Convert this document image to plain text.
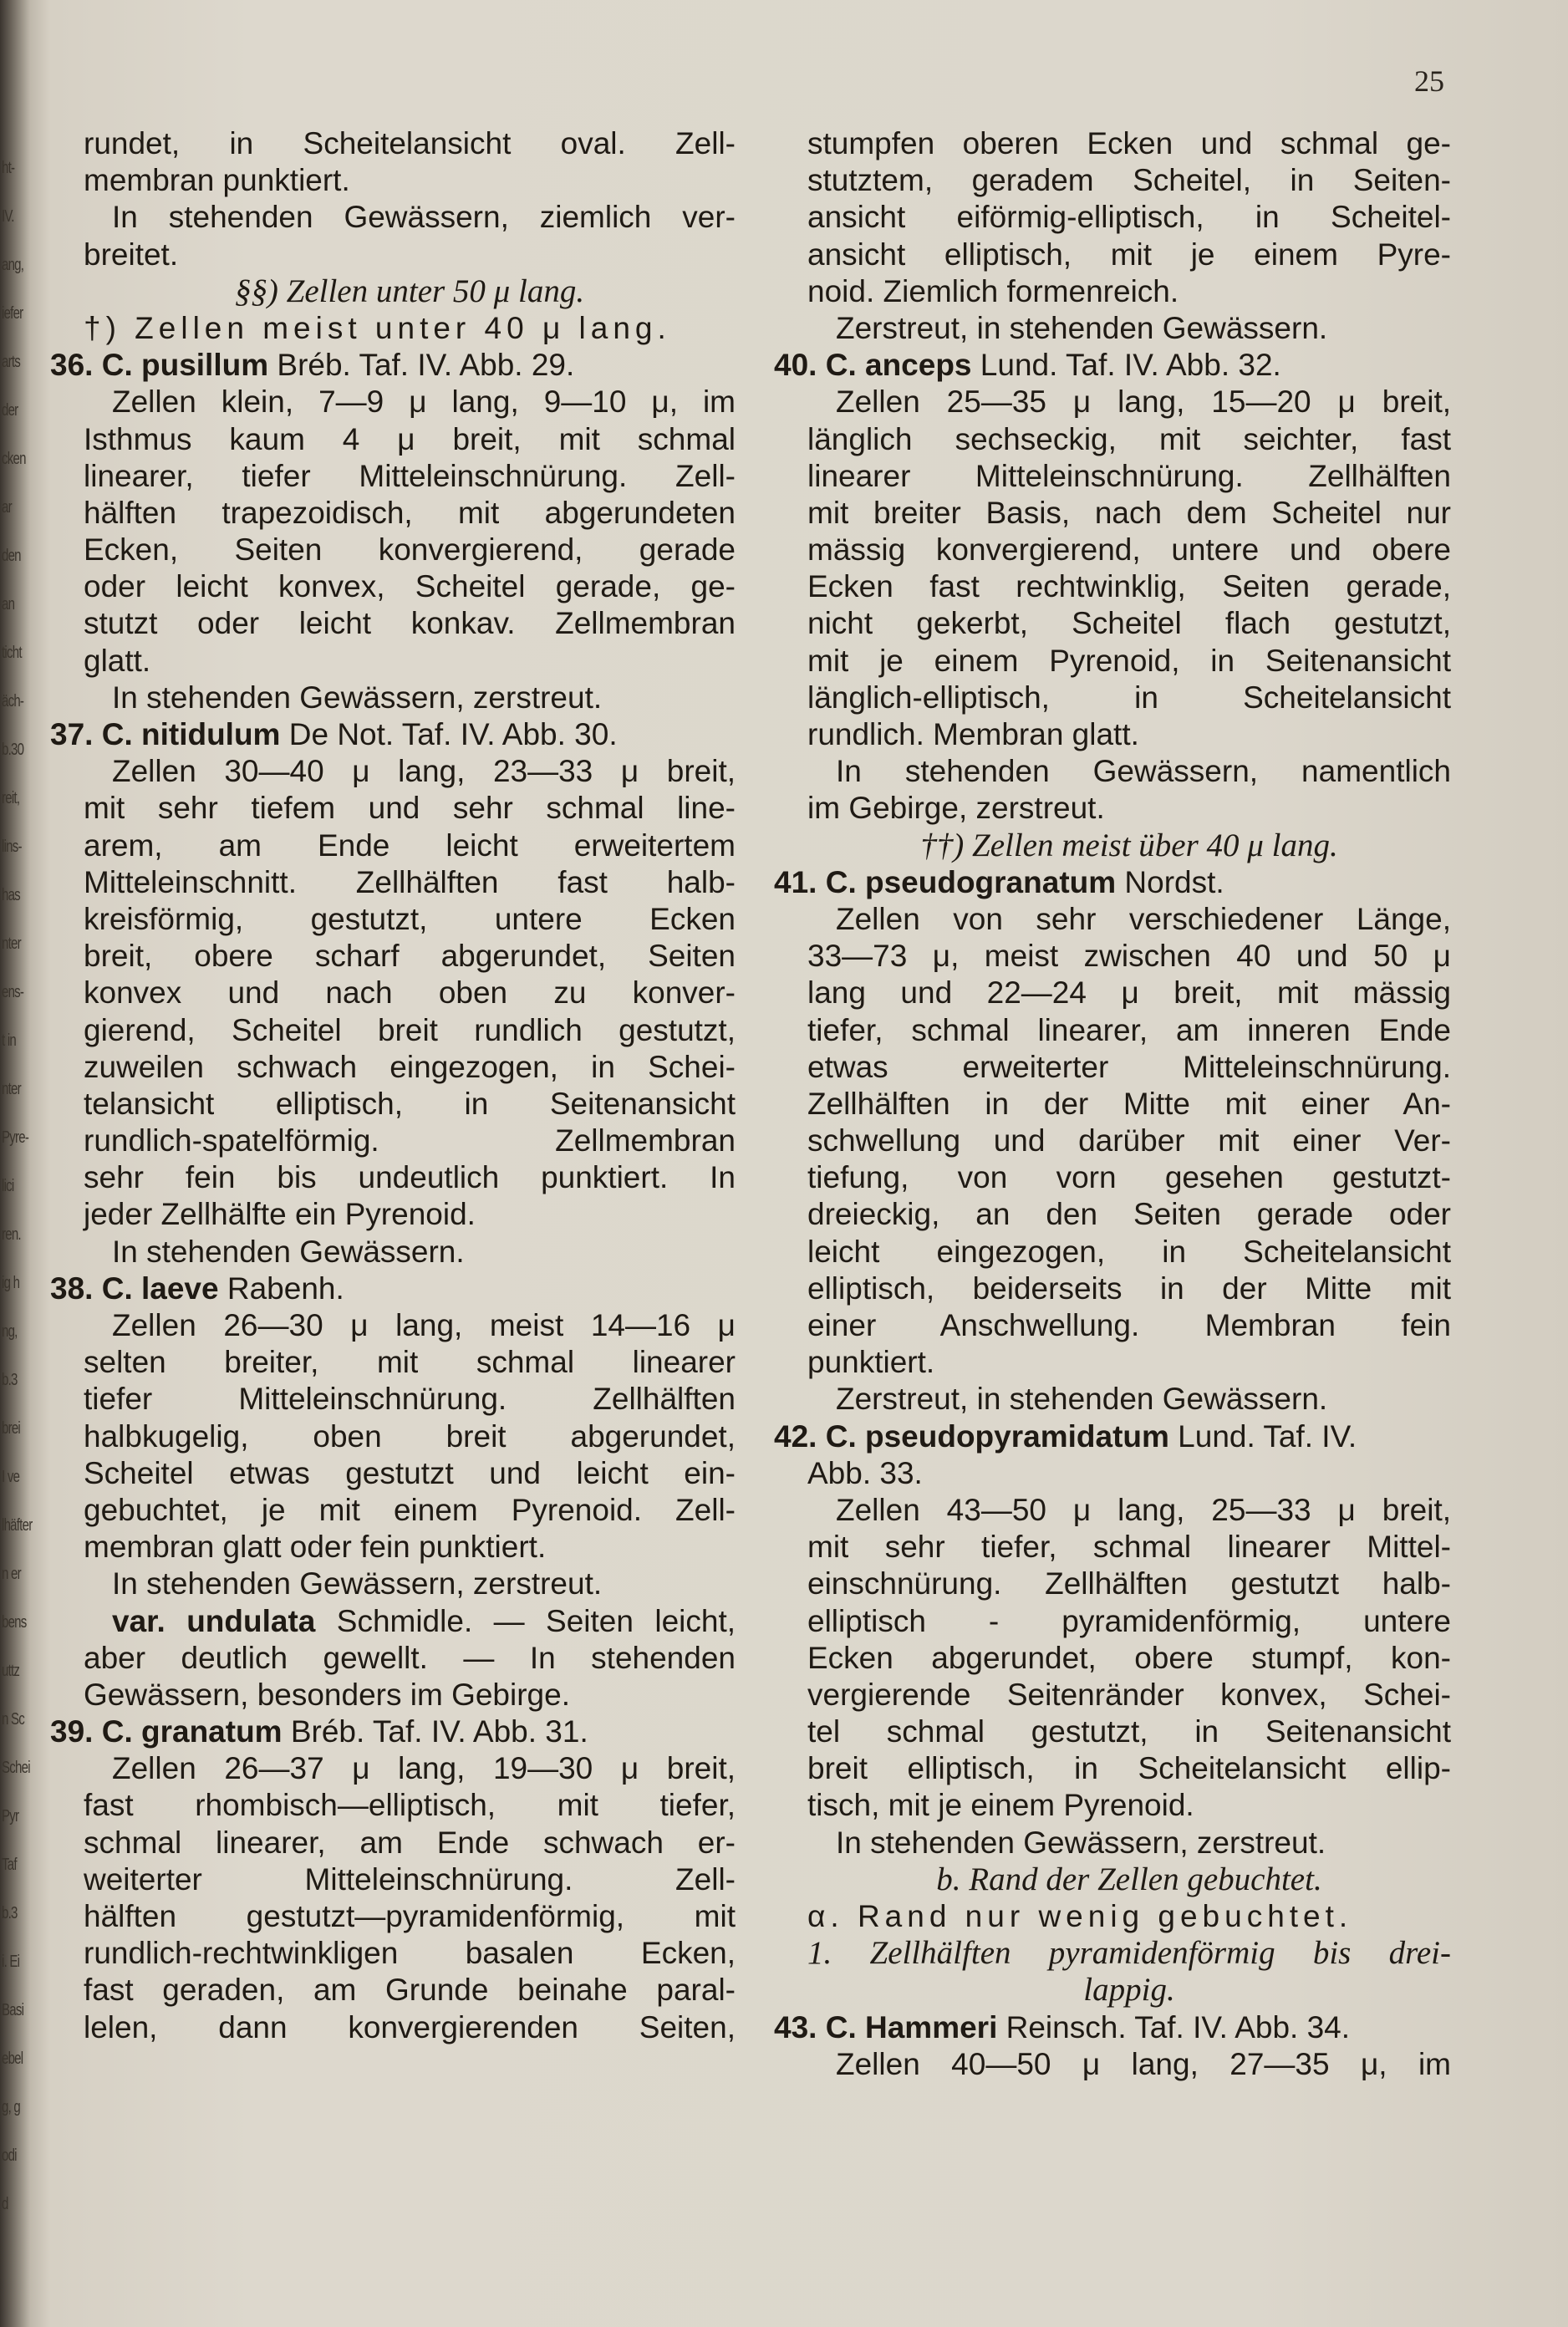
25
ht-
IV.
ang,
iefer
arts
der
cken
ar
den
an
ticht
äch-
b.30
reit,
lins-
has
nter
ens-
t in
nter
Pyre-
lici
ren.
ig h
ng,
b.3
brei
I ve
lhäfter
n er
bens
uttz
n Sc
Schei
Pyr
Taf
b.3
i. Ei
Basi
ebel
g, g
odi
d
rundet, in Scheitelansicht oval. Zell-
membran punktiert.
In stehenden Gewässern, ziemlich ver-
breitet.
§§) Zellen unter 50 μ lang.
†) Zellen meist unter 40 μ lang.
36. C. pusillum Bréb. Taf. IV. Abb. 29.
Zellen klein, 7—9 μ lang, 9—10 μ, im
Isthmus kaum 4 μ breit, mit schmal
linearer, tiefer Mitteleinschnürung. Zell-
hälften trapezoidisch, mit abgerundeten
Ecken, Seiten konvergierend, gerade
oder leicht konvex, Scheitel gerade, ge-
stutzt oder leicht konkav. Zellmembran
glatt.
In stehenden Gewässern, zerstreut.
37. C. nitidulum De Not. Taf. IV. Abb. 30.
Zellen 30—40 μ lang, 23—33 μ breit,
mit sehr tiefem und sehr schmal line-
arem, am Ende leicht erweitertem
Mitteleinschnitt. Zellhälften fast halb-
kreisförmig, gestutzt, untere Ecken
breit, obere scharf abgerundet, Seiten
konvex und nach oben zu konver-
gierend, Scheitel breit rundlich gestutzt,
zuweilen schwach eingezogen, in Schei-
telansicht elliptisch, in Seitenansicht
rundlich-spatelförmig. Zellmembran
sehr fein bis undeutlich punktiert. In
jeder Zellhälfte ein Pyrenoid.
In stehenden Gewässern.
38. C. laeve Rabenh.
Zellen 26—30 μ lang, meist 14—16 μ
selten breiter, mit schmal linearer
tiefer Mitteleinschnürung. Zellhälften
halbkugelig, oben breit abgerundet,
Scheitel etwas gestutzt und leicht ein-
gebuchtet, je mit einem Pyrenoid. Zell-
membran glatt oder fein punktiert.
In stehenden Gewässern, zerstreut.
var. undulata Schmidle. — Seiten leicht,
aber deutlich gewellt. — In stehenden
Gewässern, besonders im Gebirge.
39. C. granatum Bréb. Taf. IV. Abb. 31.
Zellen 26—37 μ lang, 19—30 μ breit,
fast rhombisch—elliptisch, mit tiefer,
schmal linearer, am Ende schwach er-
weiterter Mitteleinschnürung. Zell-
hälften gestutzt—pyramidenförmig, mit
rundlich-rechtwinkligen basalen Ecken,
fast geraden, am Grunde beinahe paral-
lelen, dann konvergierenden Seiten,
stumpfen oberen Ecken und schmal ge-
stutztem, geradem Scheitel, in Seiten-
ansicht eiförmig-elliptisch, in Scheitel-
ansicht elliptisch, mit je einem Pyre-
noid. Ziemlich formenreich.
Zerstreut, in stehenden Gewässern.
40. C. anceps Lund. Taf. IV. Abb. 32.
Zellen 25—35 μ lang, 15—20 μ breit,
länglich sechseckig, mit seichter, fast
linearer Mitteleinschnürung. Zellhälften
mit breiter Basis, nach dem Scheitel nur
mässig konvergierend, untere und obere
Ecken fast rechtwinklig, Seiten gerade,
nicht gekerbt, Scheitel flach gestutzt,
mit je einem Pyrenoid, in Seitenansicht
länglich-elliptisch, in Scheitelansicht
rundlich. Membran glatt.
In stehenden Gewässern, namentlich
im Gebirge, zerstreut.
††) Zellen meist über 40 μ lang.
41. C. pseudogranatum Nordst.
Zellen von sehr verschiedener Länge,
33—73 μ, meist zwischen 40 und 50 μ
lang und 22—24 μ breit, mit mässig
tiefer, schmal linearer, am inneren Ende
etwas erweiterter Mitteleinschnürung.
Zellhälften in der Mitte mit einer An-
schwellung und darüber mit einer Ver-
tiefung, von vorn gesehen gestutzt-
dreieckig, an den Seiten gerade oder
leicht eingezogen, in Scheitelansicht
elliptisch, beiderseits in der Mitte mit
einer Anschwellung. Membran fein
punktiert.
Zerstreut, in stehenden Gewässern.
42. C. pseudopyramidatum Lund. Taf. IV.
Abb. 33.
Zellen 43—50 μ lang, 25—33 μ breit,
mit sehr tiefer, schmal linearer Mittel-
einschnürung. Zellhälften gestutzt halb-
elliptisch - pyramidenförmig, untere
Ecken abgerundet, obere stumpf, kon-
vergierende Seitenränder konvex, Schei-
tel schmal gestutzt, in Seitenansicht
breit elliptisch, in Scheitelansicht ellip-
tisch, mit je einem Pyrenoid.
In stehenden Gewässern, zerstreut.
b. Rand der Zellen gebuchtet.
α. Rand nur wenig gebuchtet.
1. Zellhälften pyramidenförmig bis drei-
lappig.
43. C. Hammeri Reinsch. Taf. IV. Abb. 34.
Zellen 40—50 μ lang, 27—35 μ, im
